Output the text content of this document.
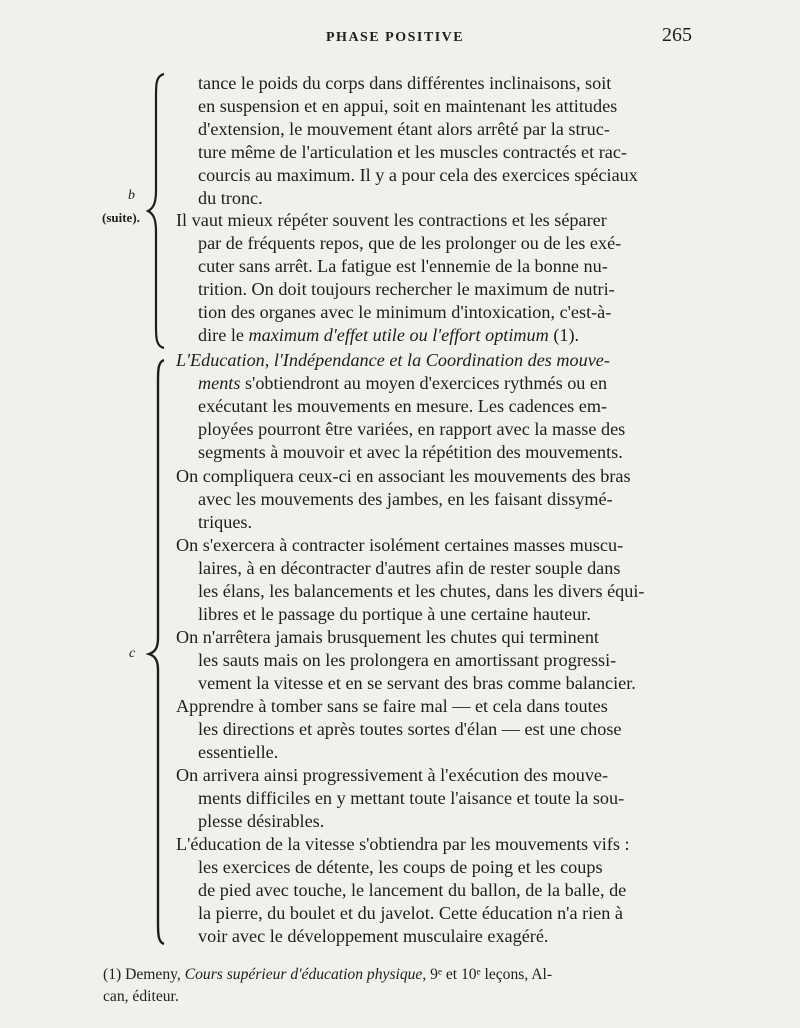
PHASE POSITIVE	265
b
(suite).
tance le poids du corps dans différentes inclinaisons, soit
en suspension et en appui, soit en maintenant les attitudes
d'extension, le mouvement étant alors arrêté par la struc-
ture même de l'articulation et les muscles contractés et rac-
courcis au maximum. Il y a pour cela des exercices spéciaux
du tronc.
Il vaut mieux répéter souvent les contractions et les séparer
par de fréquents repos, que de les prolonger ou de les exé-
cuter sans arrêt. La fatigue est l'ennemie de la bonne nu-
trition. On doit toujours rechercher le maximum de nutri-
tion des organes avec le minimum d'intoxication, c'est-à-
dire le maximum d'effet utile ou l'effort optimum (1).
c
L'Education, l'Indépendance et la Coordination des mouve-
ments s'obtiendront au moyen d'exercices rythmés ou en
exécutant les mouvements en mesure. Les cadences em-
ployées pourront être variées, en rapport avec la masse des
segments à mouvoir et avec la répétition des mouvements.
On compliquera ceux-ci en associant les mouvements des bras
avec les mouvements des jambes, en les faisant dissymé-
triques.
On s'exercera à contracter isolément certaines masses muscu-
laires, à en décontracter d'autres afin de rester souple dans
les élans, les balancements et les chutes, dans les divers équi-
libres et le passage du portique à une certaine hauteur.
On n'arrêtera jamais brusquement les chutes qui terminent
les sauts mais on les prolongera en amortissant progressi-
vement la vitesse et en se servant des bras comme balancier.
Apprendre à tomber sans se faire mal — et cela dans toutes
les directions et après toutes sortes d'élan — est une chose
essentielle.
On arrivera ainsi progressivement à l'exécution des mouve-
ments difficiles en y mettant toute l'aisance et toute la sou-
plesse désirables.
L'éducation de la vitesse s'obtiendra par les mouvements vifs :
les exercices de détente, les coups de poing et les coups
de pied avec touche, le lancement du ballon, de la balle, de
la pierre, du boulet et du javelot. Cette éducation n'a rien à
voir avec le développement musculaire exagéré.
(1) Demeny, Cours supérieur d'éducation physique, 9ᵉ et 10ᵉ leçons, Al-
can, éditeur.
